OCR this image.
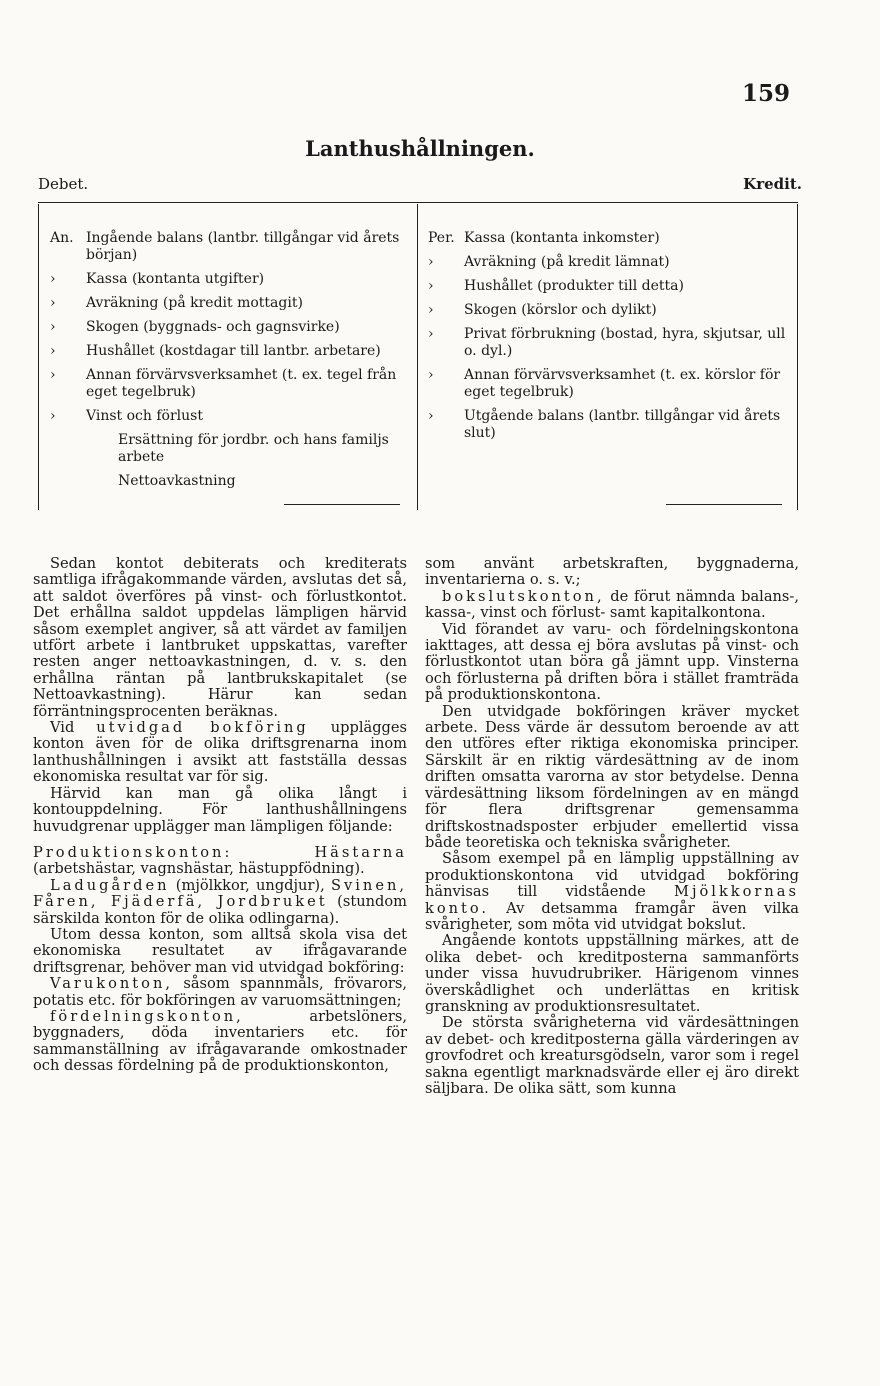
159
Lanthushållningen.
Debet.	Kredit.
An. Ingående balans (lantbr. tillgångar vid årets början)
›	Kassa (kontanta utgifter)
›	Avräkning (på kredit mottagit)
›	Skogen (byggnads- och gagnsvirke)
›	Hushållet (kostdagar till lantbr. arbetare)
›	Annan förvärvsverksamhet (t. ex. tegel från eget tegelbruk)
›	Vinst och förlust
Ersättning för jordbr. och hans familjs arbete
Nettoavkastning
Per. Kassa (kontanta inkomster)
›	Avräkning (på kredit lämnat)
›	Hushållet (produkter till detta)
›	Skogen (körslor och dylikt)
›	Privat förbrukning (bostad, hyra, skjutsar, ull o. dyl.)
›	Annan förvärvsverksamhet (t. ex. körslor för eget tegelbruk)
›	Utgående balans (lantbr. tillgångar vid årets slut)

Sedan kontot debiterats och krediterats samtliga ifrågakommande värden, avslutas det så, att saldot överföres på vinst- och förlustkontot. Det erhållna saldot uppdelas lämpligen härvid såsom exemplet angiver, så att värdet av familjen utfört arbete i lantbruket uppskattas, varefter resten anger nettoavkastningen, d. v. s. den erhållna räntan på lantbrukskapitalet (se Nettoavkastning). Härur kan sedan förräntningsprocenten beräknas.

Vid utvidgad bokföring upplägges konton även för de olika driftsgrenarna inom lanthushållningen i avsikt att fastställa dessas ekonomiska resultat var för sig.

Härvid kan man gå olika långt i kontouppdelning. För lanthushållningens huvudgrenar upplägger man lämpligen följande:

Produktionskonton:	Hästarna (arbetshästar, vagnshästar, hästuppfödning).

Ladugården (mjölkkor, ungdjur), Svinen, Fåren, Fjäderfä, Jordbruket (stundom särskilda konton för de olika odlingarna).

Utom dessa konton, som alltså skola visa det ekonomiska resultatet av ifrågavarande driftsgrenar, behöver man vid utvidgad bokföring:

Varukonton, såsom spannmåls, frövarors, potatis etc. för bokföringen av varuomsättningen;

fördelningskonton, arbetslöners, byggnaders, döda inventariers etc. för sammanställning av ifrågavarande omkostnader och dessas fördelning på de produktionskonton,

som använt arbetskraften, byggnaderna, inventarierna o. s. v.;

bokslutskonton, de förut nämnda balans-, kassa-, vinst och förlust- samt kapitalkontona.

Vid förandet av varu- och fördelningskontona iakttages, att dessa ej böra avslutas på vinst- och förlustkontot utan böra gå jämnt upp. Vinsterna och förlusterna på driften böra i stället framträda på produktionskontona.

Den utvidgade bokföringen kräver mycket arbete. Dess värde är dessutom beroende av att den utföres efter riktiga ekonomiska principer. Särskilt är en riktig värdesättning av de inom driften omsatta varorna av stor betydelse. Denna värdesättning liksom fördelningen av en mängd för flera driftsgrenar gemensamma driftskostnadsposter erbjuder emellertid vissa både teoretiska och tekniska svårigheter.

Såsom exempel på en lämplig uppställning av produktionskontona vid utvidgad bokföring hänvisas till vidstående Mjölkkornas konto. Av detsamma framgår även vilka svårigheter, som möta vid utvidgat bokslut.

Angående kontots uppställning märkes, att de olika debet- och kreditposterna sammanförts under vissa huvudrubriker. Härigenom vinnes överskådlighet och underlättas en kritisk granskning av produktionsresultatet.

De största svårigheterna vid värdesättningen av debet- och kreditposterna gälla värderingen av grovfodret och kreatursgödseln, varor som i regel sakna egentligt marknadsvärde eller ej äro direkt säljbara. De olika sätt, som kunna
